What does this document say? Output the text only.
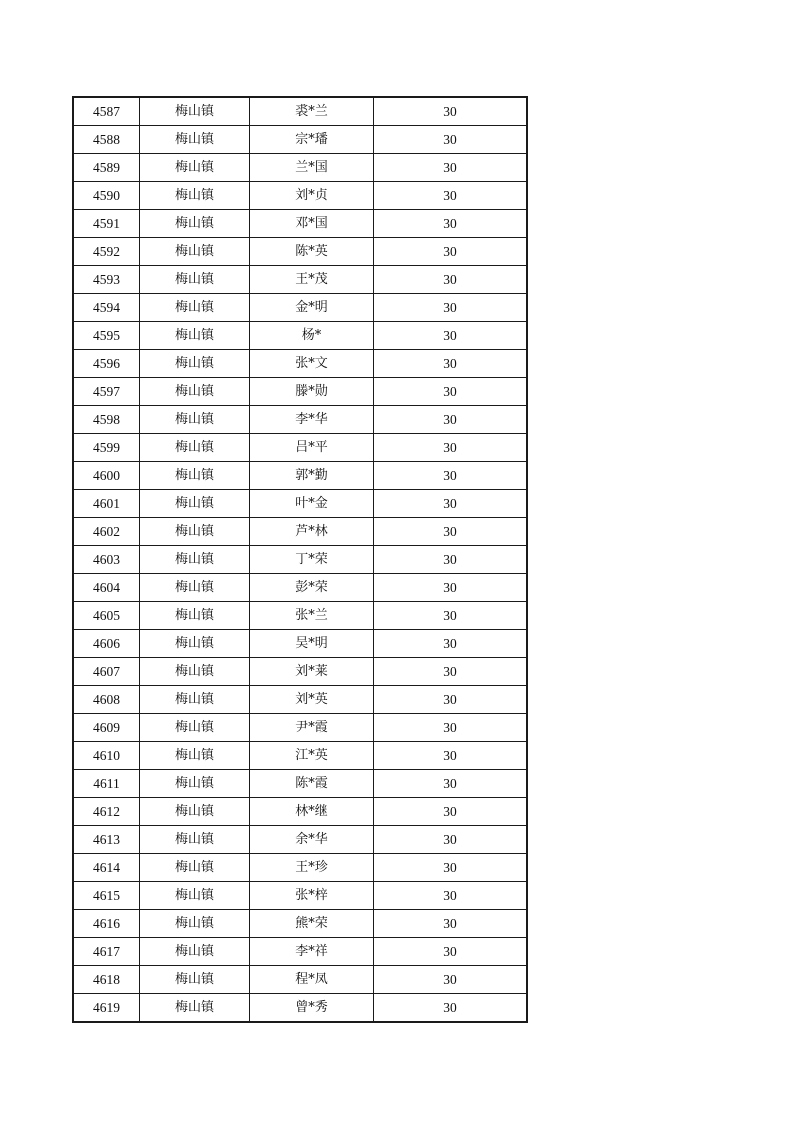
4587	梅山镇	裘*兰	30
4588	梅山镇	宗*璠	30
4589	梅山镇	兰*国	30
4590	梅山镇	刘*贞	30
4591	梅山镇	邓*国	30
4592	梅山镇	陈*英	30
4593	梅山镇	王*茂	30
4594	梅山镇	金*明	30
4595	梅山镇	杨*	30
4596	梅山镇	张*文	30
4597	梅山镇	滕*勋	30
4598	梅山镇	李*华	30
4599	梅山镇	吕*平	30
4600	梅山镇	郭*勤	30
4601	梅山镇	叶*金	30
4602	梅山镇	芦*林	30
4603	梅山镇	丁*荣	30
4604	梅山镇	彭*荣	30
4605	梅山镇	张*兰	30
4606	梅山镇	吴*明	30
4607	梅山镇	刘*莱	30
4608	梅山镇	刘*英	30
4609	梅山镇	尹*霞	30
4610	梅山镇	江*英	30
4611	梅山镇	陈*霞	30
4612	梅山镇	林*继	30
4613	梅山镇	余*华	30
4614	梅山镇	王*珍	30
4615	梅山镇	张*梓	30
4616	梅山镇	熊*荣	30
4617	梅山镇	李*祥	30
4618	梅山镇	程*凤	30
4619	梅山镇	曾*秀	30
